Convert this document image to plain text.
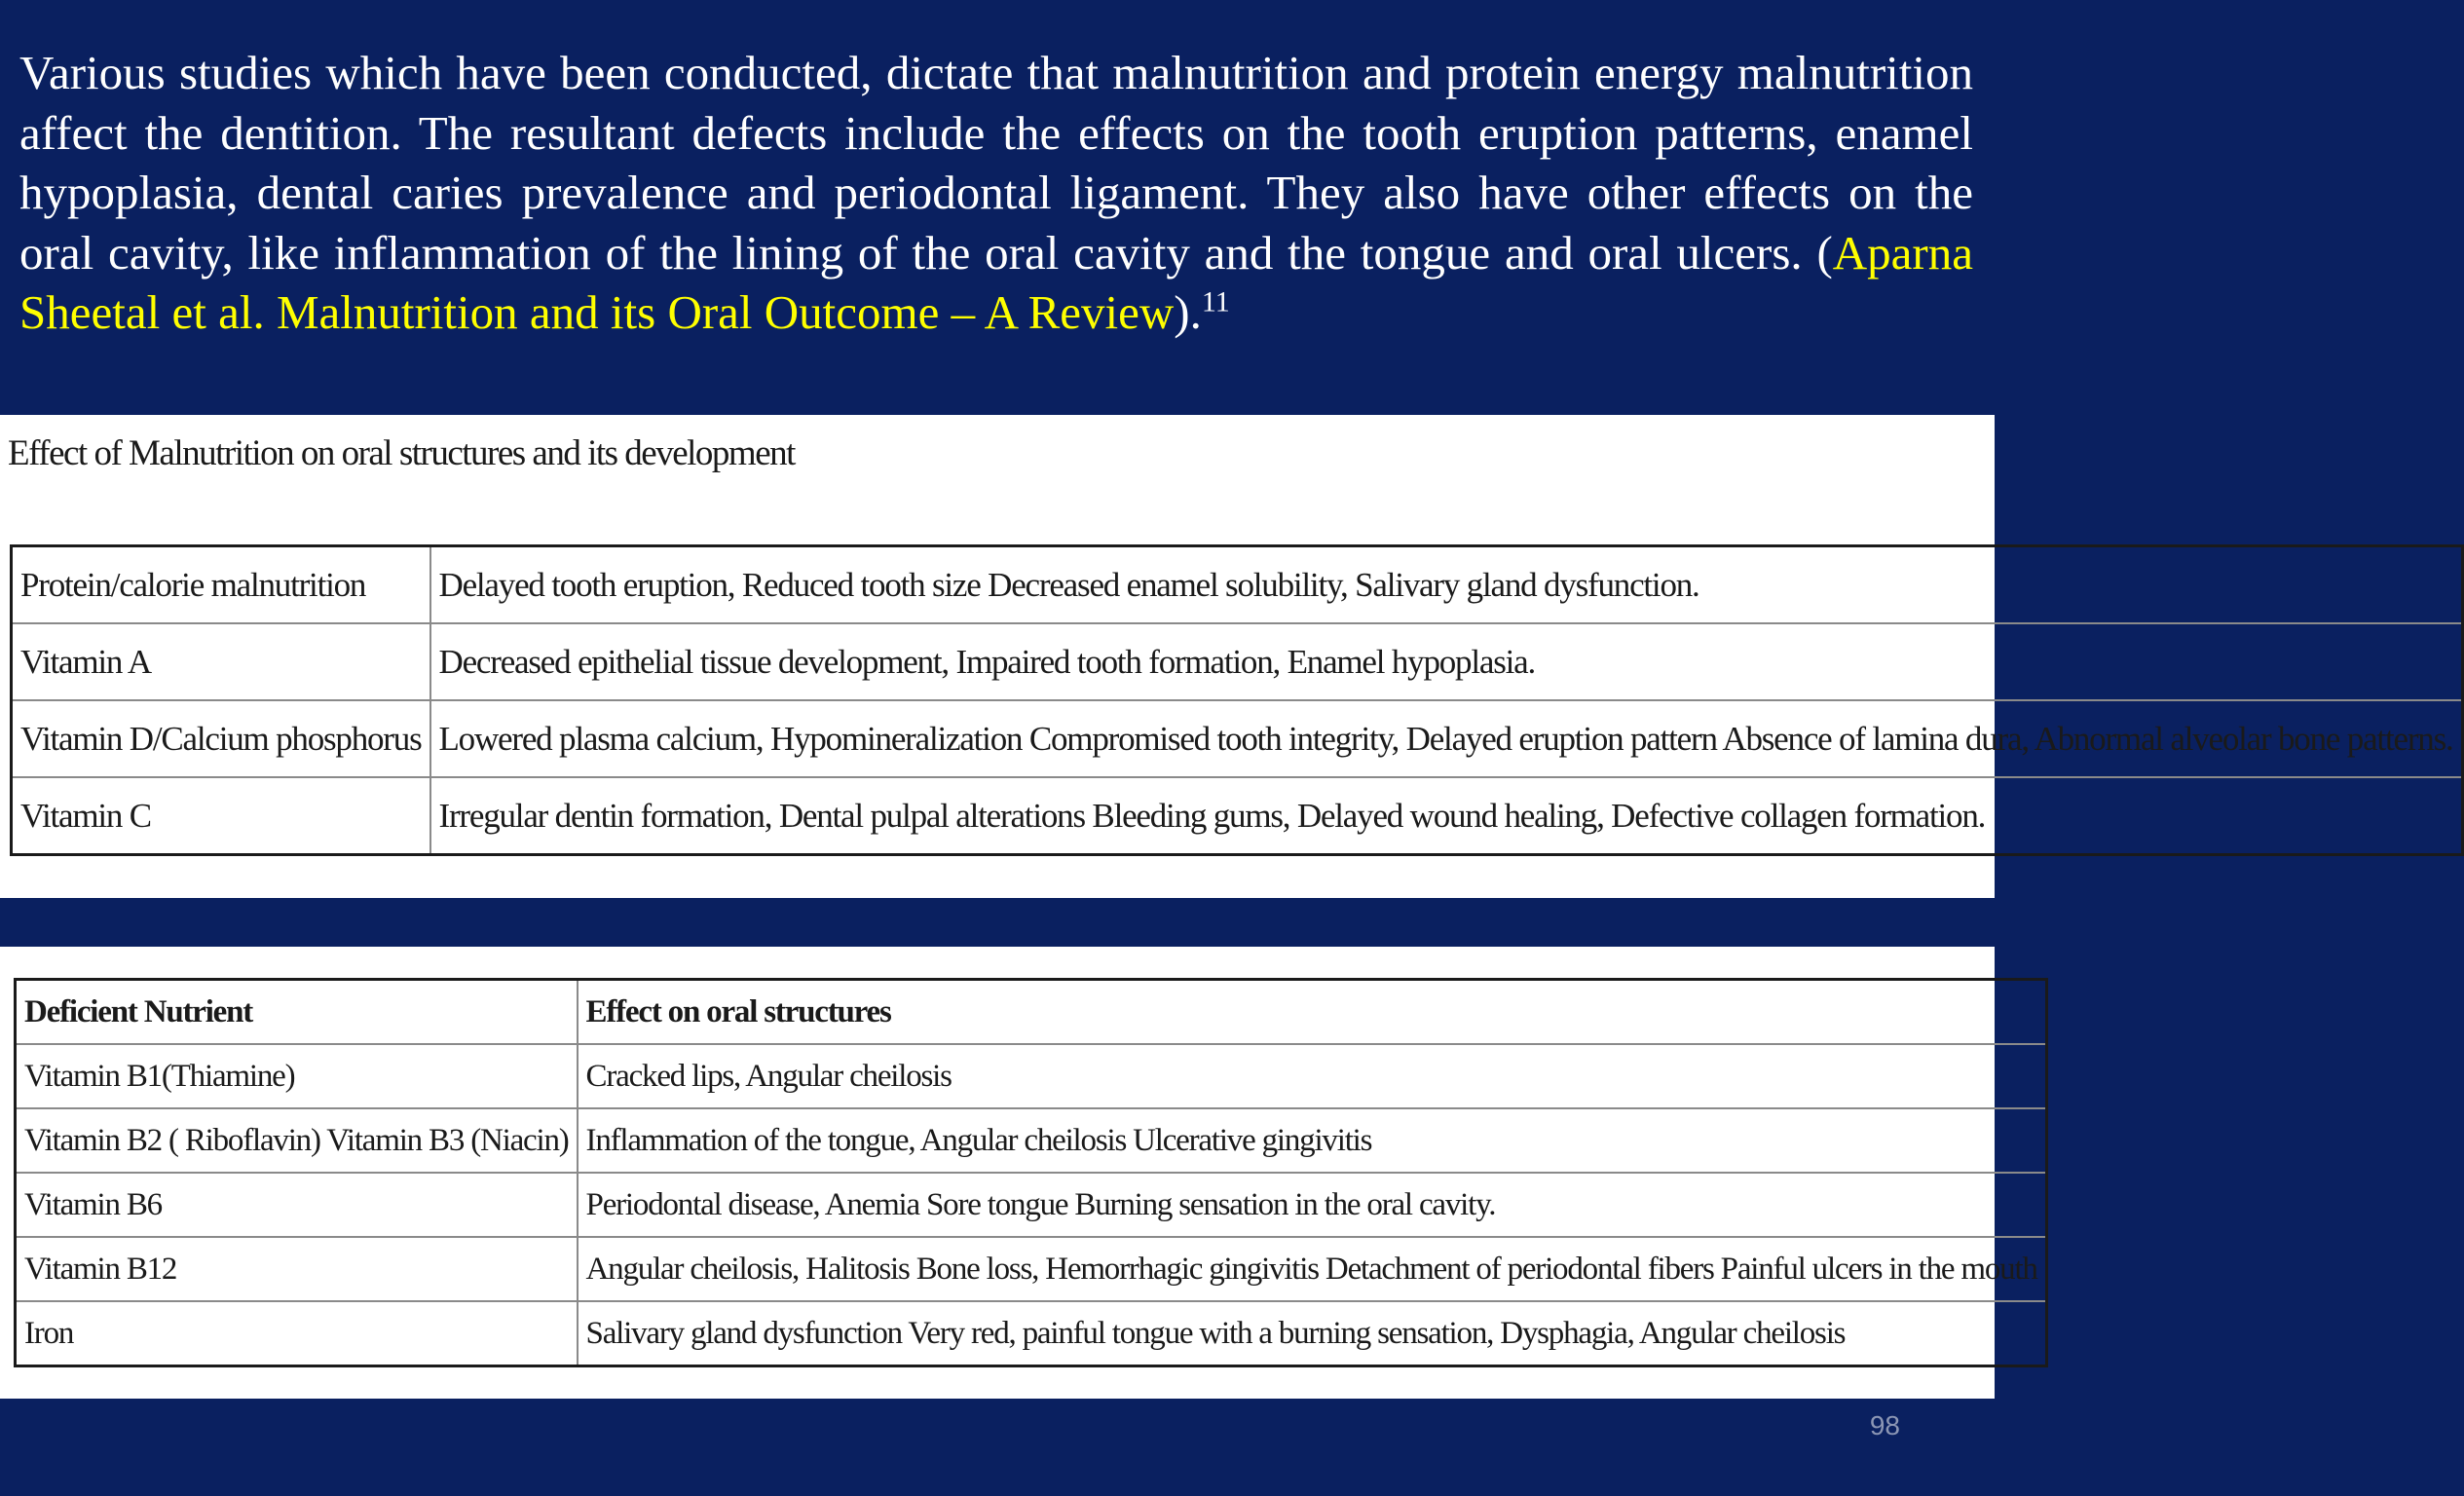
Various studies which have been conducted, dictate that malnutrition and protein energy malnutrition affect the dentition. The resultant defects include the effects on the tooth eruption patterns, enamel hypoplasia, dental caries prevalence and periodontal ligament. They also have other effects on the oral cavity, like inflammation of the lining of the oral cavity and the tongue and oral ulcers. (Aparna Sheetal et al. Malnutrition and its Oral Outcome – A Review).$^{11}$
Effect of Malnutrition on oral structures and its development
Protein/calorie malnutrition	Delayed tooth eruption, Reduced tooth size Decreased enamel solubility, Salivary gland dysfunction.
Vitamin A	Decreased epithelial tissue development, Impaired tooth formation, Enamel hypoplasia.
Vitamin D/Calcium phosphorus	Lowered plasma calcium, Hypomineralization Compromised tooth integrity, Delayed eruption pattern Absence of lamina dura, Abnormal alveolar bone patterns.
Vitamin C	Irregular dentin formation, Dental pulpal alterations Bleeding gums, Delayed wound healing, Defective collagen formation.
Deficient Nutrient	Effect on oral structures
Vitamin B1(Thiamine)	Cracked lips, Angular cheilosis
Vitamin B2 ( Riboflavin) Vitamin B3 (Niacin)	Inflammation of the tongue, Angular cheilosis Ulcerative gingivitis
Vitamin B6	Periodontal disease, Anemia Sore tongue Burning sensation in the oral cavity.
Vitamin B12	Angular cheilosis, Halitosis Bone loss, Hemorrhagic gingivitis Detachment of periodontal fibers Painful ulcers in the mouth
Iron	Salivary gland dysfunction Very red, painful tongue with a burning sensation, Dysphagia, Angular cheilosis
98
